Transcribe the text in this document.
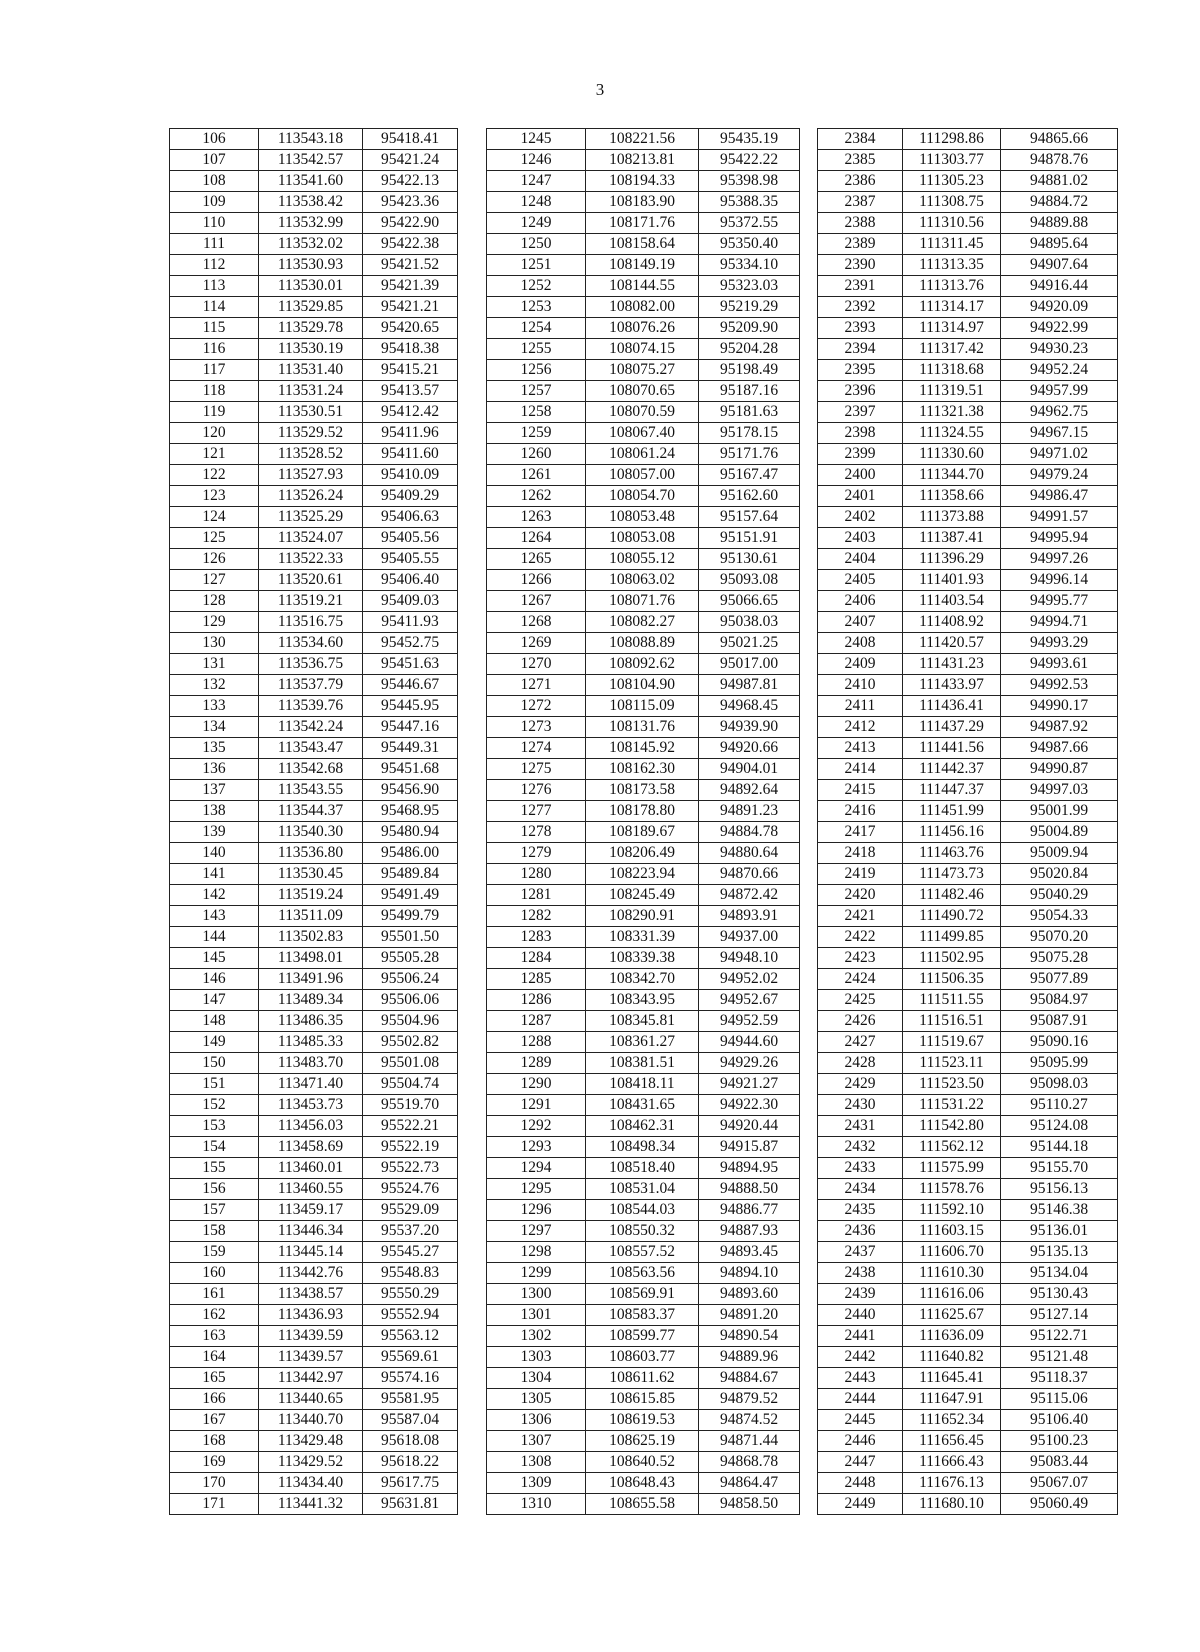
3
106	113543.18	95418.41
107	113542.57	95421.24
108	113541.60	95422.13
109	113538.42	95423.36
110	113532.99	95422.90
111	113532.02	95422.38
112	113530.93	95421.52
113	113530.01	95421.39
114	113529.85	95421.21
115	113529.78	95420.65
116	113530.19	95418.38
117	113531.40	95415.21
118	113531.24	95413.57
119	113530.51	95412.42
120	113529.52	95411.96
121	113528.52	95411.60
122	113527.93	95410.09
123	113526.24	95409.29
124	113525.29	95406.63
125	113524.07	95405.56
126	113522.33	95405.55
127	113520.61	95406.40
128	113519.21	95409.03
129	113516.75	95411.93
130	113534.60	95452.75
131	113536.75	95451.63
132	113537.79	95446.67
133	113539.76	95445.95
134	113542.24	95447.16
135	113543.47	95449.31
136	113542.68	95451.68
137	113543.55	95456.90
138	113544.37	95468.95
139	113540.30	95480.94
140	113536.80	95486.00
141	113530.45	95489.84
142	113519.24	95491.49
143	113511.09	95499.79
144	113502.83	95501.50
145	113498.01	95505.28
146	113491.96	95506.24
147	113489.34	95506.06
148	113486.35	95504.96
149	113485.33	95502.82
150	113483.70	95501.08
151	113471.40	95504.74
152	113453.73	95519.70
153	113456.03	95522.21
154	113458.69	95522.19
155	113460.01	95522.73
156	113460.55	95524.76
157	113459.17	95529.09
158	113446.34	95537.20
159	113445.14	95545.27
160	113442.76	95548.83
161	113438.57	95550.29
162	113436.93	95552.94
163	113439.59	95563.12
164	113439.57	95569.61
165	113442.97	95574.16
166	113440.65	95581.95
167	113440.70	95587.04
168	113429.48	95618.08
169	113429.52	95618.22
170	113434.40	95617.75
171	113441.32	95631.81
1245	108221.56	95435.19
1246	108213.81	95422.22
1247	108194.33	95398.98
1248	108183.90	95388.35
1249	108171.76	95372.55
1250	108158.64	95350.40
1251	108149.19	95334.10
1252	108144.55	95323.03
1253	108082.00	95219.29
1254	108076.26	95209.90
1255	108074.15	95204.28
1256	108075.27	95198.49
1257	108070.65	95187.16
1258	108070.59	95181.63
1259	108067.40	95178.15
1260	108061.24	95171.76
1261	108057.00	95167.47
1262	108054.70	95162.60
1263	108053.48	95157.64
1264	108053.08	95151.91
1265	108055.12	95130.61
1266	108063.02	95093.08
1267	108071.76	95066.65
1268	108082.27	95038.03
1269	108088.89	95021.25
1270	108092.62	95017.00
1271	108104.90	94987.81
1272	108115.09	94968.45
1273	108131.76	94939.90
1274	108145.92	94920.66
1275	108162.30	94904.01
1276	108173.58	94892.64
1277	108178.80	94891.23
1278	108189.67	94884.78
1279	108206.49	94880.64
1280	108223.94	94870.66
1281	108245.49	94872.42
1282	108290.91	94893.91
1283	108331.39	94937.00
1284	108339.38	94948.10
1285	108342.70	94952.02
1286	108343.95	94952.67
1287	108345.81	94952.59
1288	108361.27	94944.60
1289	108381.51	94929.26
1290	108418.11	94921.27
1291	108431.65	94922.30
1292	108462.31	94920.44
1293	108498.34	94915.87
1294	108518.40	94894.95
1295	108531.04	94888.50
1296	108544.03	94886.77
1297	108550.32	94887.93
1298	108557.52	94893.45
1299	108563.56	94894.10
1300	108569.91	94893.60
1301	108583.37	94891.20
1302	108599.77	94890.54
1303	108603.77	94889.96
1304	108611.62	94884.67
1305	108615.85	94879.52
1306	108619.53	94874.52
1307	108625.19	94871.44
1308	108640.52	94868.78
1309	108648.43	94864.47
1310	108655.58	94858.50
2384	111298.86	94865.66
2385	111303.77	94878.76
2386	111305.23	94881.02
2387	111308.75	94884.72
2388	111310.56	94889.88
2389	111311.45	94895.64
2390	111313.35	94907.64
2391	111313.76	94916.44
2392	111314.17	94920.09
2393	111314.97	94922.99
2394	111317.42	94930.23
2395	111318.68	94952.24
2396	111319.51	94957.99
2397	111321.38	94962.75
2398	111324.55	94967.15
2399	111330.60	94971.02
2400	111344.70	94979.24
2401	111358.66	94986.47
2402	111373.88	94991.57
2403	111387.41	94995.94
2404	111396.29	94997.26
2405	111401.93	94996.14
2406	111403.54	94995.77
2407	111408.92	94994.71
2408	111420.57	94993.29
2409	111431.23	94993.61
2410	111433.97	94992.53
2411	111436.41	94990.17
2412	111437.29	94987.92
2413	111441.56	94987.66
2414	111442.37	94990.87
2415	111447.37	94997.03
2416	111451.99	95001.99
2417	111456.16	95004.89
2418	111463.76	95009.94
2419	111473.73	95020.84
2420	111482.46	95040.29
2421	111490.72	95054.33
2422	111499.85	95070.20
2423	111502.95	95075.28
2424	111506.35	95077.89
2425	111511.55	95084.97
2426	111516.51	95087.91
2427	111519.67	95090.16
2428	111523.11	95095.99
2429	111523.50	95098.03
2430	111531.22	95110.27
2431	111542.80	95124.08
2432	111562.12	95144.18
2433	111575.99	95155.70
2434	111578.76	95156.13
2435	111592.10	95146.38
2436	111603.15	95136.01
2437	111606.70	95135.13
2438	111610.30	95134.04
2439	111616.06	95130.43
2440	111625.67	95127.14
2441	111636.09	95122.71
2442	111640.82	95121.48
2443	111645.41	95118.37
2444	111647.91	95115.06
2445	111652.34	95106.40
2446	111656.45	95100.23
2447	111666.43	95083.44
2448	111676.13	95067.07
2449	111680.10	95060.49
